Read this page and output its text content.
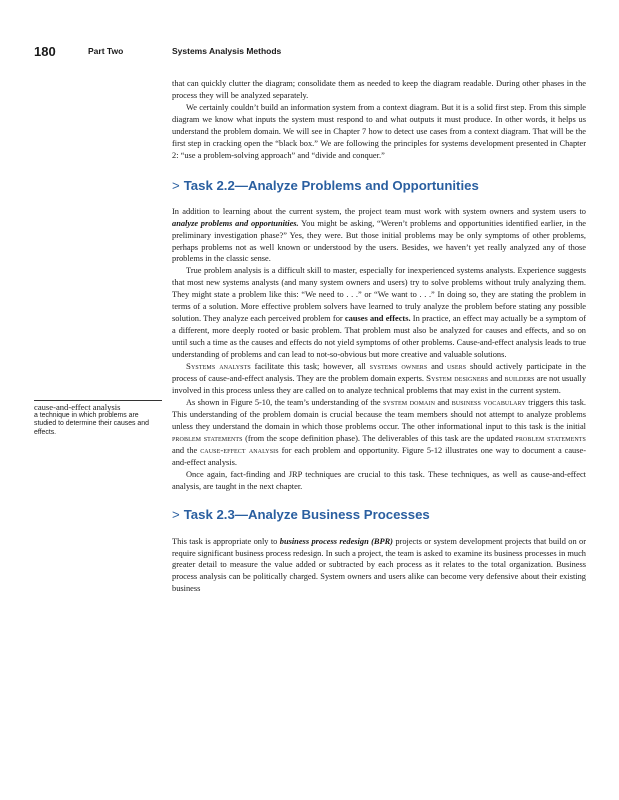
180	Part Two	Systems Analysis Methods
cause-and-effect analysis
a technique in which problems are studied to determine their causes and effects.

that can quickly clutter the diagram; consolidate them as needed to keep the diagram readable. During other phases in the process they will be analyzed separately.

We certainly couldn’t build an information system from a context diagram. But it is a solid first step. From this simple diagram we know what inputs the system must respond to and what outputs it must produce. In other words, it helps us understand the problem domain. We will see in Chapter 7 how to detect use cases from a context diagram. That will be the first step in cracking open the “black box.” We are following the principles for systems development presented in Chapter 2: “use a problem-solving approach” and “divide and conquer.”

> Task 2.2—Analyze Problems and Opportunities

In addition to learning about the current system, the project team must work with system owners and system users to analyze problems and opportunities. You might be asking, “Weren’t problems and opportunities identified earlier, in the preliminary investigation phase?” Yes, they were. But those initial problems may be only symptoms of other problems, perhaps problems not as well known or understood by the users. Besides, we haven’t yet really analyzed any of those problems in the classic sense.

True problem analysis is a difficult skill to master, especially for inexperienced systems analysts. Experience suggests that most new systems analysts (and many system owners and users) try to solve problems without truly analyzing them. They might state a problem like this: “We need to . . .” or “We want to . . .” In doing so, they are stating the problem in terms of a solution. More effective problem solvers have learned to truly analyze the problem before stating any possible solution. They analyze each perceived problem for causes and effects. In practice, an effect may actually be a symptom of a different, more deeply rooted or basic problem. That problem must also be analyzed for causes and effects, and so on until such a time as the causes and effects do not yield symptoms of other problems. Cause-and-effect analysis leads to true understanding of problems and can lead to not-so-obvious but more creative and valuable solutions.

Systems analysts facilitate this task; however, all systems owners and users should actively participate in the process of cause-and-effect analysis. They are the problem domain experts. System designers and builders are not usually involved in this process unless they are called on to analyze technical problems that may exist in the current system.

As shown in Figure 5-10, the team’s understanding of the system domain and business vocabulary triggers this task. This understanding of the problem domain is crucial because the team members should not attempt to analyze problems unless they understand the domain in which those problems occur. The other informational input to this task is the initial problem statements (from the scope definition phase). The deliverables of this task are the updated problem statements and the cause-effect analysis for each problem and opportunity. Figure 5-12 illustrates one way to document a cause-and-effect analysis.

Once again, fact-finding and JRP techniques are crucial to this task. These techniques, as well as cause-and-effect analysis, are taught in the next chapter.

> Task 2.3—Analyze Business Processes

This task is appropriate only to business process redesign (BPR) projects or system development projects that build on or require significant business process redesign. In such a project, the team is asked to examine its business processes in much greater detail to measure the value added or subtracted by each process as it relates to the total organization. Business process analysis can be politically charged. System owners and users alike can become very defensive about their existing business
